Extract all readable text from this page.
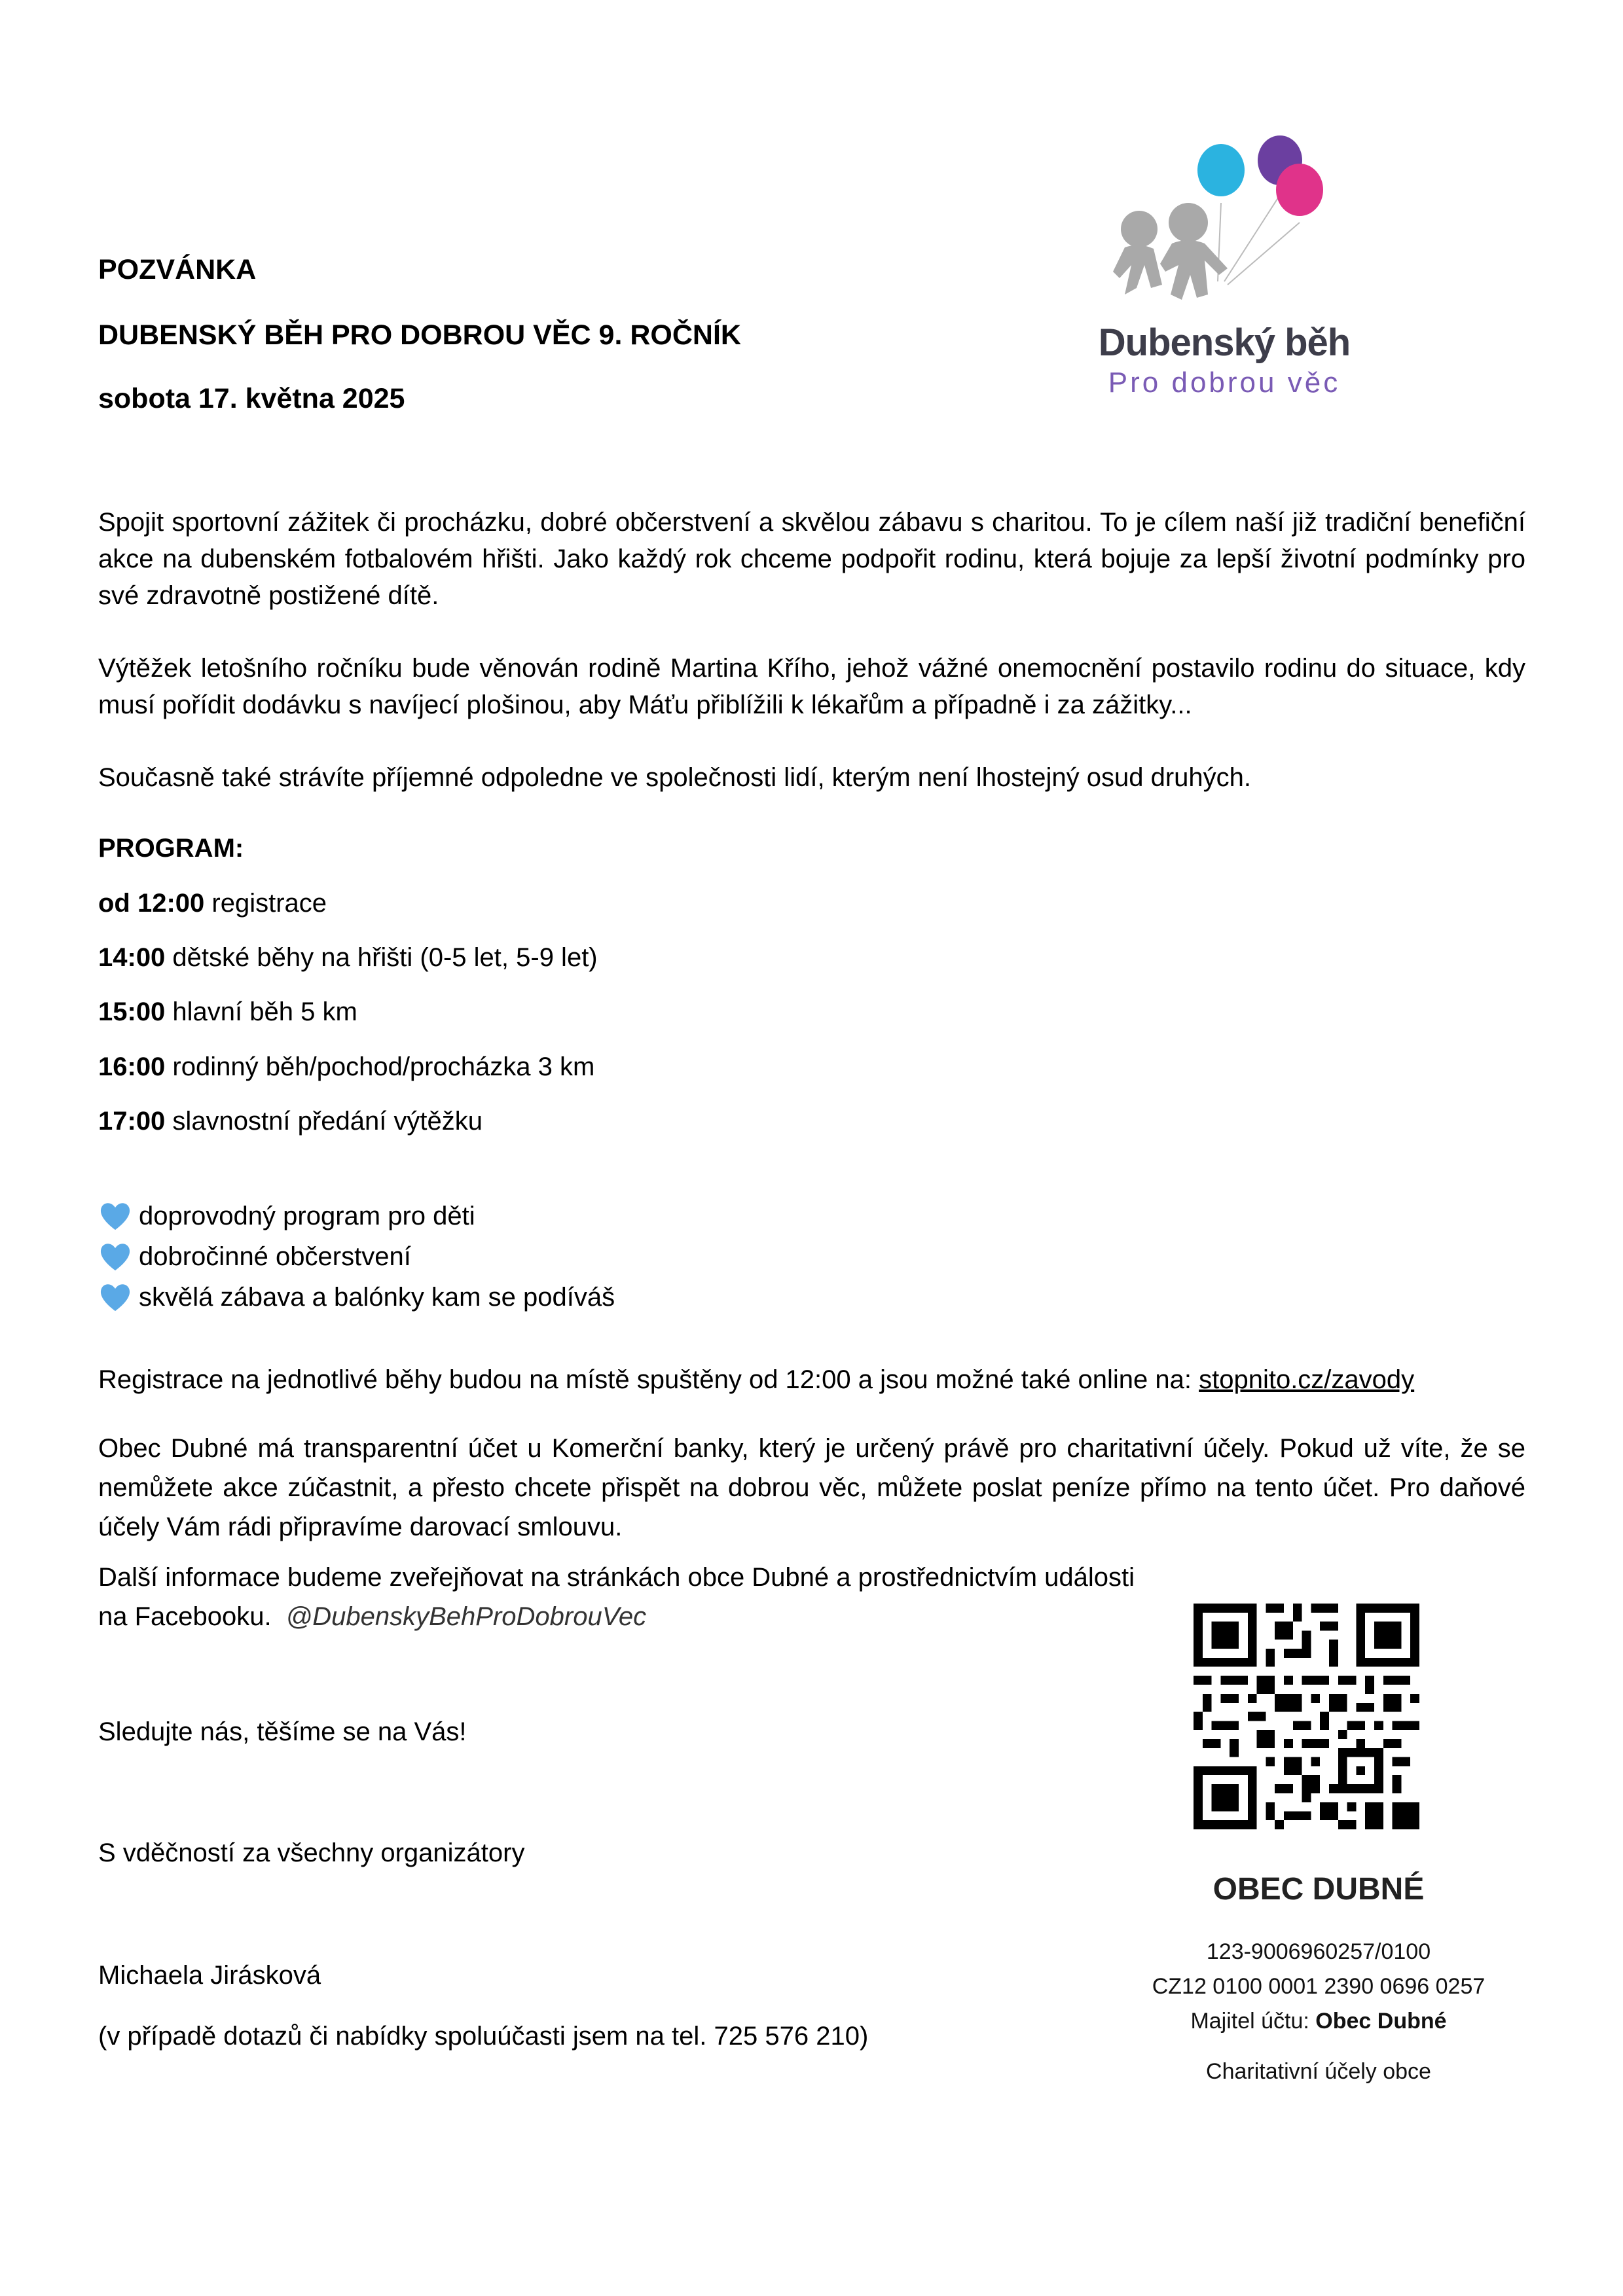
POZVÁNKA
DUBENSKÝ BĚH PRO DOBROU VĚC 9. ROČNÍK
sobota 17. května 2025
Dubenský běh
Pro dobrou věc
Spojit sportovní zážitek či procházku, dobré občerstvení a skvělou zábavu s charitou. To je cílem naší již tradiční benefiční akce na dubenském fotbalovém hřišti. Jako každý rok chceme podpořit rodinu, která bojuje za lepší životní podmínky pro své zdravotně postižené dítě.
Výtěžek letošního ročníku bude věnován rodině Martina Křího, jehož vážné onemocnění postavilo rodinu do situace, kdy musí pořídit dodávku s navíjecí plošinou, aby Máťu přiblížili k lékařům a případně i za zážitky...
Současně také strávíte příjemné odpoledne ve společnosti lidí, kterým není lhostejný osud druhých.
PROGRAM:
od 12:00 registrace
14:00 dětské běhy na hřišti (0-5 let, 5-9 let)
15:00 hlavní běh 5 km
16:00 rodinný běh/pochod/procházka 3 km
17:00 slavnostní předání výtěžku
doprovodný program pro děti
dobročinné občerstvení
skvělá zábava a balónky kam se podíváš
Registrace na jednotlivé běhy budou na místě spuštěny od 12:00 a jsou možné také online na: stopnito.cz/zavody
Obec Dubné má transparentní účet u Komerční banky, který je určený právě pro charitativní účely. Pokud už víte, že se nemůžete akce zúčastnit, a přesto chcete přispět na dobrou věc, můžete poslat peníze přímo na tento účet. Pro daňové účely Vám rádi připravíme darovací smlouvu.
Další informace budeme zveřejňovat na stránkách obce Dubné a prostřednictvím události na Facebooku. @DubenskyBehProDobrouVec
Sledujte nás, těšíme se na Vás!
S vděčností za všechny organizátory
Michaela Jirásková
(v případě dotazů či nabídky spoluúčasti jsem na tel. 725 576 210)
OBEC DUBNÉ
123-9006960257/0100
CZ12 0100 0001 2390 0696 0257
Majitel účtu: Obec Dubné
Charitativní účely obce
